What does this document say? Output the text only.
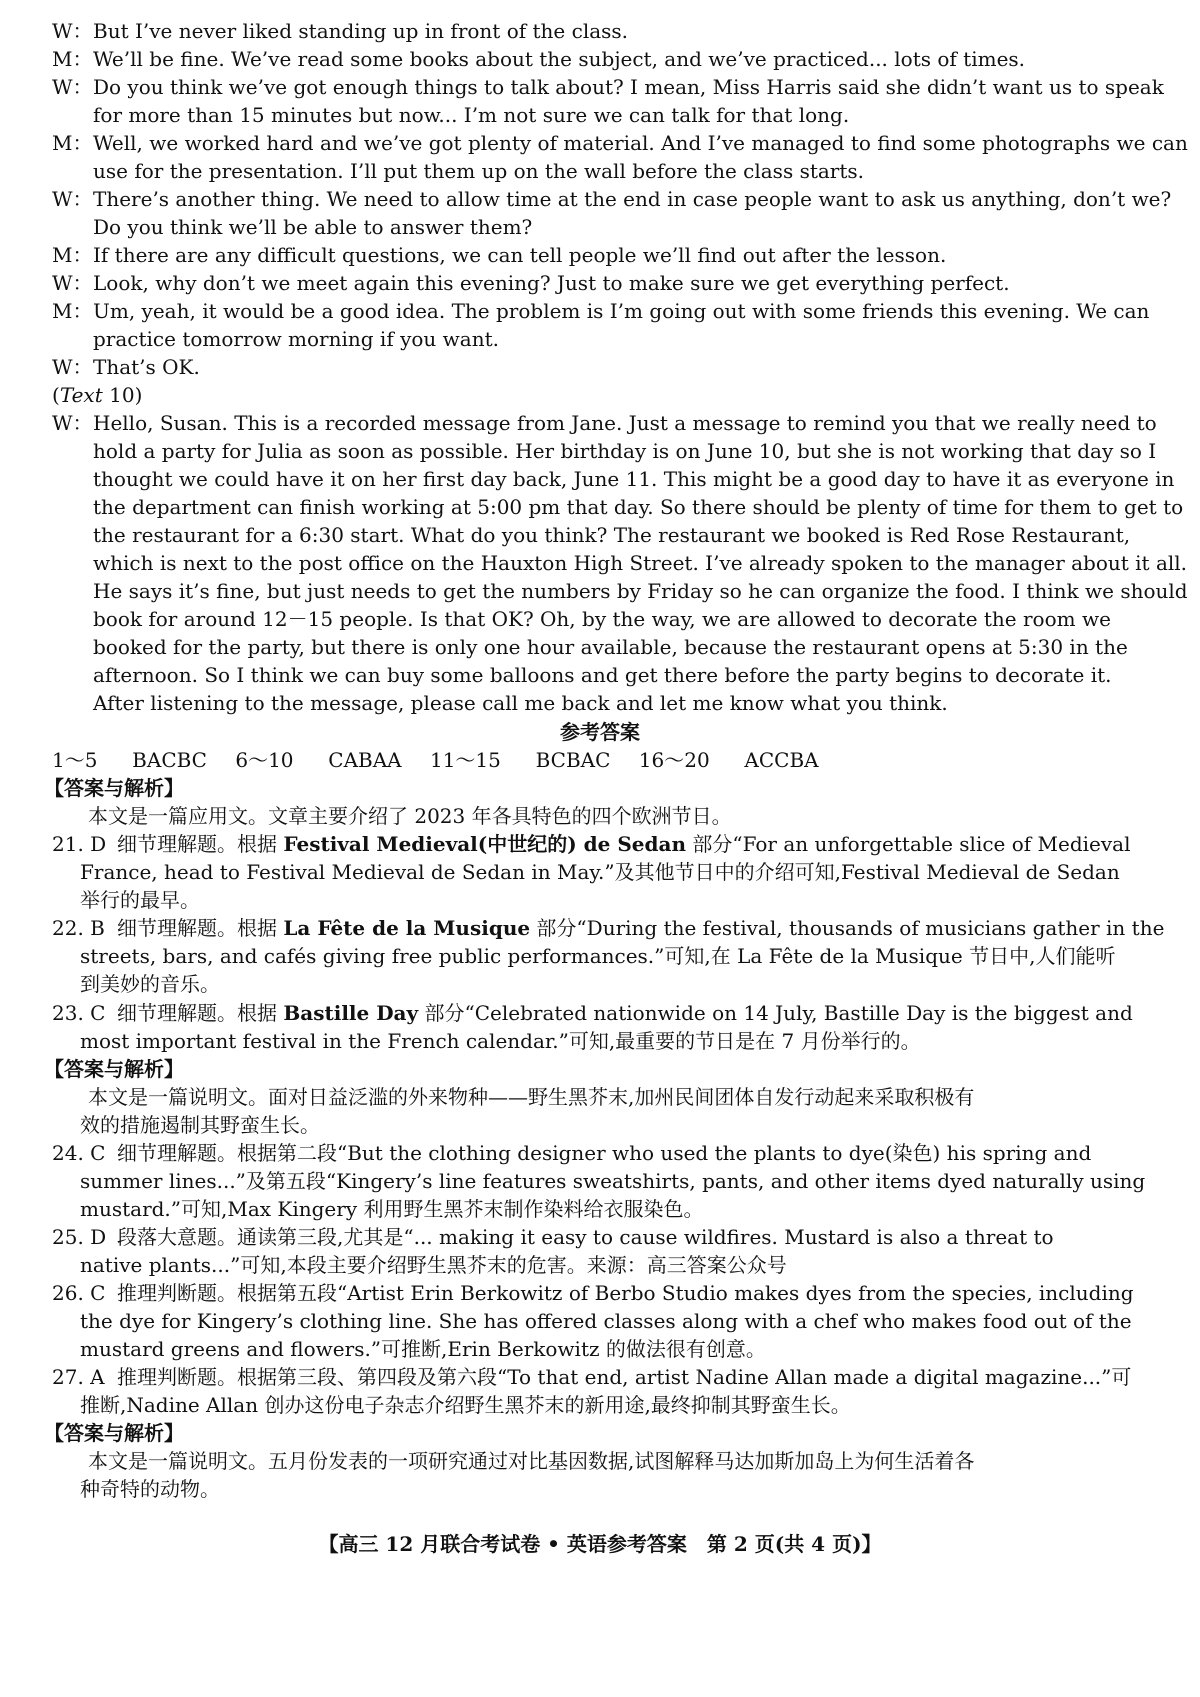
W： But I’ve never liked standing up in front of the class.
M： We’ll be fine. We’ve read some books about the subject, and we’ve practiced... lots of times.
W： Do you think we’ve got enough things to talk about? I mean, Miss Harris said she didn’t want us to speak
for more than 15 minutes but now... I’m not sure we can talk for that long.
M： Well, we worked hard and we’ve got plenty of material. And I’ve managed to find some photographs we can
use for the presentation. I’ll put them up on the wall before the class starts.
W： There’s another thing. We need to allow time at the end in case people want to ask us anything, don’t we?
Do you think we’ll be able to answer them?
M： If there are any difficult questions, we can tell people we’ll find out after the lesson.
W： Look, why don’t we meet again this evening? Just to make sure we get everything perfect.
M： Um, yeah, it would be a good idea. The problem is I’m going out with some friends this evening. We can
practice tomorrow morning if you want.
W： That’s OK.
(Text 10)
W： Hello, Susan. This is a recorded message from Jane. Just a message to remind you that we really need to
hold a party for Julia as soon as possible. Her birthday is on June 10, but she is not working that day so I
thought we could have it on her first day back, June 11. This might be a good day to have it as everyone in
the department can finish working at 5:00 pm that day. So there should be plenty of time for them to get to
the restaurant for a 6:30 start. What do you think? The restaurant we booked is Red Rose Restaurant,
which is next to the post office on the Hauxton High Street. I’ve already spoken to the manager about it all.
He says it’s fine, but just needs to get the numbers by Friday so he can organize the food. I think we should
book for around 12－15 people. Is that OK? Oh, by the way, we are allowed to decorate the room we
booked for the party, but there is only one hour available, because the restaurant opens at 5:30 in the
afternoon. So I think we can buy some balloons and get there before the party begins to decorate it.
After listening to the message, please call me back and let me know what you think.
参考答案
1～5 BACBC 6～10 CABAA 11～15 BCBAC 16～20 ACCBA
【答案与解析】
本文是一篇应用文。文章主要介绍了 2023 年各具特色的四个欧洲节日。
21. D 细节理解题。根据 Festival Medieval(中世纪的) de Sedan 部分“For an unforgettable slice of Medieval
France, head to Festival Medieval de Sedan in May.”及其他节日中的介绍可知,Festival Medieval de Sedan
举行的最早。
22. B 细节理解题。根据 La Fête de la Musique 部分“During the festival, thousands of musicians gather in the
streets, bars, and cafés giving free public performances.”可知,在 La Fête de la Musique 节日中,人们能听
到美妙的音乐。
23. C 细节理解题。根据 Bastille Day 部分“Celebrated nationwide on 14 July, Bastille Day is the biggest and
most important festival in the French calendar.”可知,最重要的节日是在 7 月份举行的。
【答案与解析】
本文是一篇说明文。面对日益泛滥的外来物种——野生黑芥末,加州民间团体自发行动起来采取积极有
效的措施遏制其野蛮生长。
24. C 细节理解题。根据第二段“But the clothing designer who used the plants to dye(染色) his spring and
summer lines...”及第五段“Kingery’s line features sweatshirts, pants, and other items dyed naturally using
mustard.”可知,Max Kingery 利用野生黑芥末制作染料给衣服染色。
25. D 段落大意题。通读第三段,尤其是“... making it easy to cause wildfires. Mustard is also a threat to
native plants...”可知,本段主要介绍野生黑芥末的危害。来源：高三答案公众号
26. C 推理判断题。根据第五段“Artist Erin Berkowitz of Berbo Studio makes dyes from the species, including
the dye for Kingery’s clothing line. She has offered classes along with a chef who makes food out of the
mustard greens and flowers.”可推断,Erin Berkowitz 的做法很有创意。
27. A 推理判断题。根据第三段、第四段及第六段“To that end, artist Nadine Allan made a digital magazine...”可
推断,Nadine Allan 创办这份电子杂志介绍野生黑芥末的新用途,最终抑制其野蛮生长。
【答案与解析】
本文是一篇说明文。五月份发表的一项研究通过对比基因数据,试图解释马达加斯加岛上为何生活着各
种奇特的动物。
【高三 12 月联合考试卷 • 英语参考答案　第 2 页(共 4 页)】
